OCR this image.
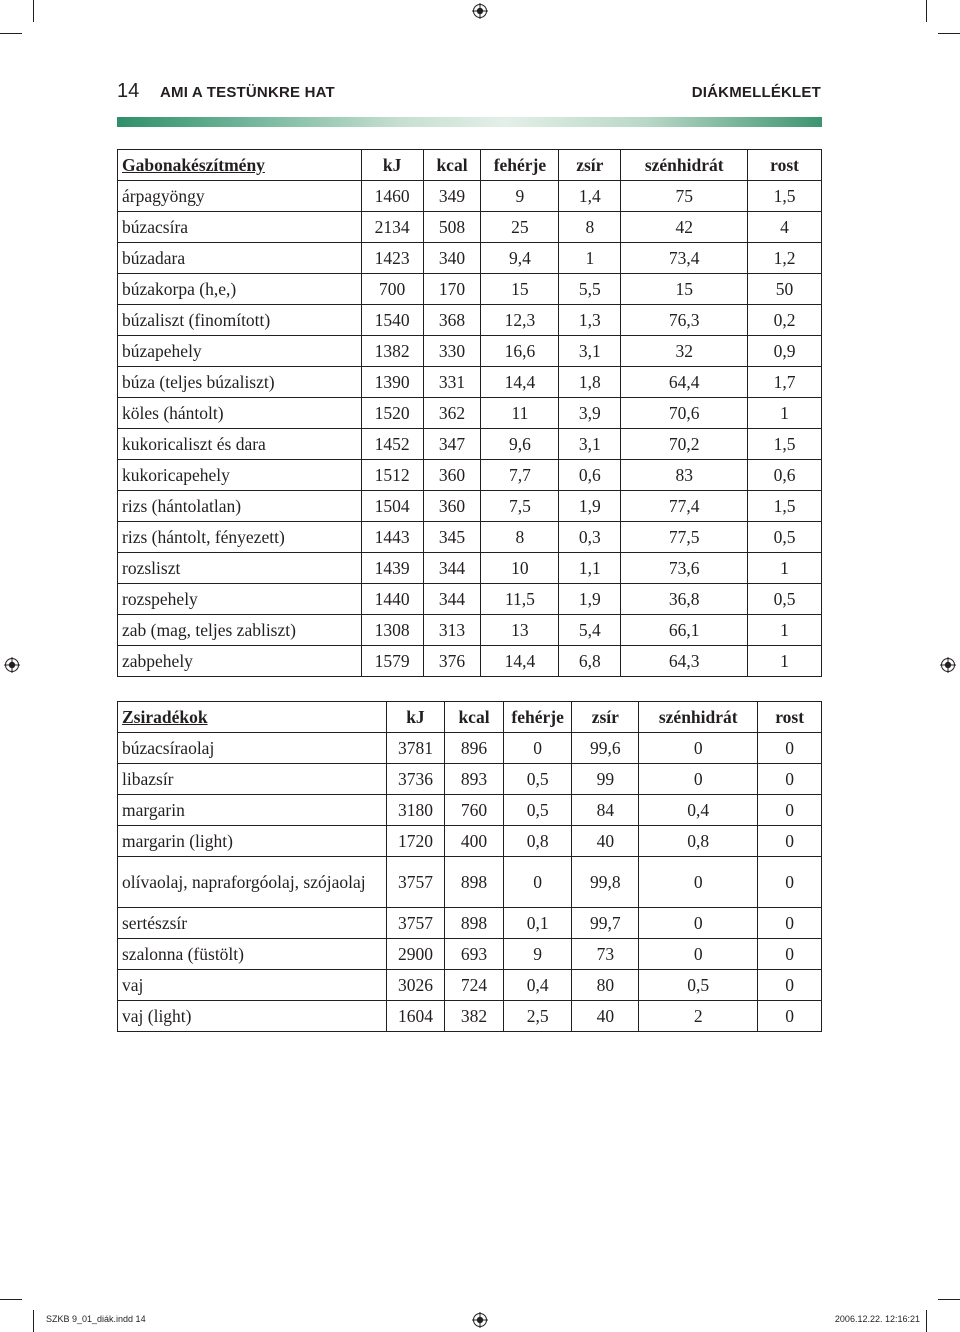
14 AMI A TESTÜNKRE HAT	DIÁKMELLÉKLET
Gabonakészítmény	kJ	kcal	fehérje	zsír	szénhidrát	rost
árpagyöngy	1460	349	9	1,4	75	1,5
búzacsíra	2134	508	25	8	42	4
búzadara	1423	340	9,4	1	73,4	1,2
búzakorpa (h,e,)	700	170	15	5,5	15	50
búzaliszt (finomított)	1540	368	12,3	1,3	76,3	0,2
búzapehely	1382	330	16,6	3,1	32	0,9
búza (teljes búzaliszt)	1390	331	14,4	1,8	64,4	1,7
köles (hántolt)	1520	362	11	3,9	70,6	1
kukoricaliszt és dara	1452	347	9,6	3,1	70,2	1,5
kukoricapehely	1512	360	7,7	0,6	83	0,6
rizs (hántolatlan)	1504	360	7,5	1,9	77,4	1,5
rizs (hántolt, fényezett)	1443	345	8	0,3	77,5	0,5
rozsliszt	1439	344	10	1,1	73,6	1
rozspehely	1440	344	11,5	1,9	36,8	0,5
zab (mag, teljes zabliszt)	1308	313	13	5,4	66,1	1
zabpehely	1579	376	14,4	6,8	64,3	1
Zsiradékok	kJ	kcal	fehérje	zsír	szénhidrát	rost
búzacsíraolaj	3781	896	0	99,6	0	0
libazsír	3736	893	0,5	99	0	0
margarin	3180	760	0,5	84	0,4	0
margarin (light)	1720	400	0,8	40	0,8	0
olívaolaj, napraforgóolaj, szójaolaj	3757	898	0	99,8	0	0
sertészsír	3757	898	0,1	99,7	0	0
szalonna (füstölt)	2900	693	9	73	0	0
vaj	3026	724	0,4	80	0,5	0
vaj (light)	1604	382	2,5	40	2	0
SZKB 9_01_diák.indd 14	2006.12.22. 12:16:21
